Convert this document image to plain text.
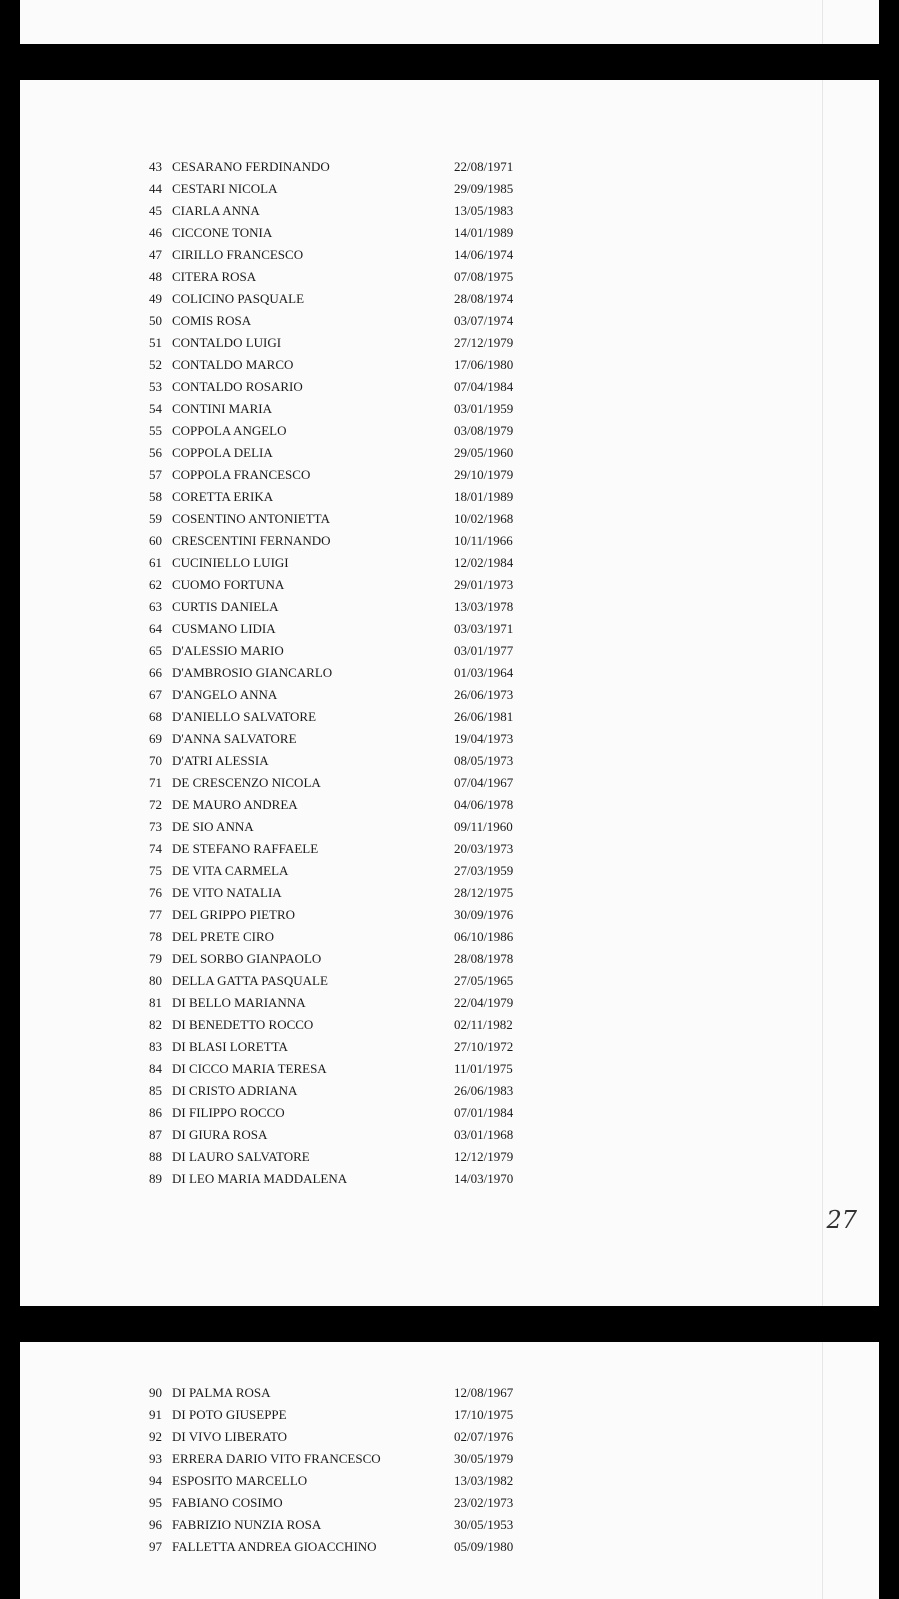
43 CESARANO FERDINANDO	22/08/1971
44 CESTARI NICOLA	29/09/1985
45 CIARLA ANNA	13/05/1983
46 CICCONE TONIA	14/01/1989
47 CIRILLO FRANCESCO	14/06/1974
48 CITERA ROSA	07/08/1975
49 COLICINO PASQUALE	28/08/1974
50 COMIS ROSA	03/07/1974
51 CONTALDO LUIGI	27/12/1979
52 CONTALDO MARCO	17/06/1980
53 CONTALDO ROSARIO	07/04/1984
54 CONTINI MARIA	03/01/1959
55 COPPOLA ANGELO	03/08/1979
56 COPPOLA DELIA	29/05/1960
57 COPPOLA FRANCESCO	29/10/1979
58 CORETTA ERIKA	18/01/1989
59 COSENTINO ANTONIETTA	10/02/1968
60 CRESCENTINI FERNANDO	10/11/1966
61 CUCINIELLO LUIGI	12/02/1984
62 CUOMO FORTUNA	29/01/1973
63 CURTIS DANIELA	13/03/1978
64 CUSMANO LIDIA	03/03/1971
65 D'ALESSIO MARIO	03/01/1977
66 D'AMBROSIO GIANCARLO	01/03/1964
67 D'ANGELO ANNA	26/06/1973
68 D'ANIELLO SALVATORE	26/06/1981
69 D'ANNA SALVATORE	19/04/1973
70 D'ATRI ALESSIA	08/05/1973
71 DE CRESCENZO NICOLA	07/04/1967
72 DE MAURO ANDREA	04/06/1978
73 DE SIO ANNA	09/11/1960
74 DE STEFANO RAFFAELE	20/03/1973
75 DE VITA CARMELA	27/03/1959
76 DE VITO NATALIA	28/12/1975
77 DEL GRIPPO PIETRO	30/09/1976
78 DEL PRETE CIRO	06/10/1986
79 DEL SORBO GIANPAOLO	28/08/1978
80 DELLA GATTA PASQUALE	27/05/1965
81 DI BELLO MARIANNA	22/04/1979
82 DI BENEDETTO ROCCO	02/11/1982
83 DI BLASI LORETTA	27/10/1972
84 DI CICCO MARIA TERESA	11/01/1975
85 DI CRISTO ADRIANA	26/06/1983
86 DI FILIPPO ROCCO	07/01/1984
87 DI GIURA ROSA	03/01/1968
88 DI LAURO SALVATORE	12/12/1979
89 DI LEO MARIA MADDALENA	14/03/1970
27
90 DI PALMA ROSA	12/08/1967
91 DI POTO GIUSEPPE	17/10/1975
92 DI VIVO LIBERATO	02/07/1976
93 ERRERA DARIO VITO FRANCESCO	30/05/1979
94 ESPOSITO MARCELLO	13/03/1982
95 FABIANO COSIMO	23/02/1973
96 FABRIZIO NUNZIA ROSA	30/05/1953
97 FALLETTA ANDREA GIOACCHINO	05/09/1980
